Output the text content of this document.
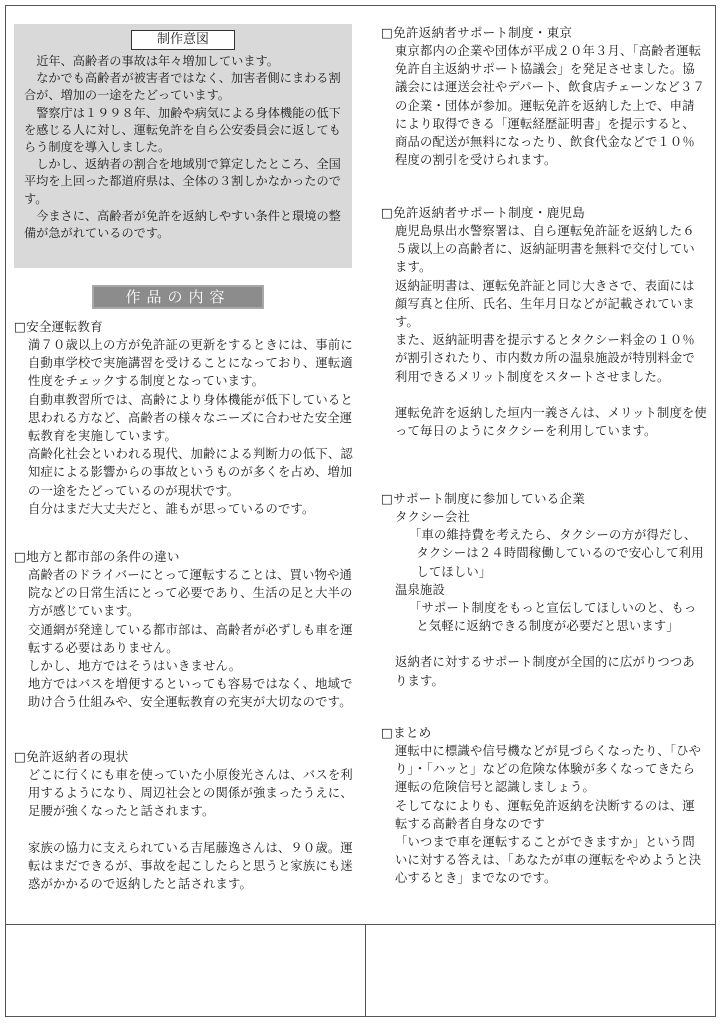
制作意図

近年、高齢者の事故は年々増加しています。

なかでも高齢者が被害者ではなく、加害者側にまわる割合が、増加の一途をたどっています。

警察庁は１９９８年、加齢や病気による身体機能の低下を感じる人に対し、運転免許を自ら公安委員会に返してもらう制度を導入しました。

しかし、返納者の割合を地域別で算定したところ、全国平均を上回った都道府県は、全体の３割しかなかったのです。

今まさに、高齢者が免許を返納しやすい条件と環境の整備が急がれているのです。

作品の内容
□安全運転教育

満７０歳以上の方が免許証の更新をするときには、事前に自動車学校で実施講習を受けることになっており、運転適性度をチェックする制度となっています。

自動車教習所では、高齢により身体機能が低下していると思われる方など、高齢者の様々なニーズに合わせた安全運転教育を実施しています。

高齢化社会といわれる現代、加齢による判断力の低下、認知症による影響からの事故というものが多くを占め、増加の一途をたどっているのが現状です。

自分はまだ大丈夫だと、誰もが思っているのです。

□地方と都市部の条件の違い

高齢者のドライバーにとって運転することは、買い物や通院などの日常生活にとって必要であり、生活の足と大半の方が感じています。

交通網が発達している都市部は、高齢者が必ずしも車を運転する必要はありません。

しかし、地方ではそうはいきません。

地方ではバスを増便するといっても容易ではなく、地域で助け合う仕組みや、安全運転教育の充実が大切なのです。

□免許返納者の現状

どこに行くにも車を使っていた小原俊光さんは、バスを利用するようになり、周辺社会との関係が強まったうえに、足腰が強くなったと話されます。

家族の協力に支えられている吉尾藤逸さんは、９０歳。運転はまだできるが、事故を起こしたらと思うと家族にも迷惑がかかるので返納したと話されます。

□免許返納者サポート制度・東京

東京都内の企業や団体が平成２０年３月、「高齢者運転免許自主返納サポート協議会」を発足させました。協議会には運送会社やデパート、飲食店チェーンなど３７の企業・団体が参加。運転免許を返納した上で、申請により取得できる「運転経歴証明書」を提示すると、商品の配送が無料になったり、飲食代金などで１０％程度の割引を受けられます。

□免許返納者サポート制度・鹿児島

鹿児島県出水警察署は、自ら運転免許証を返納した６５歳以上の高齢者に、返納証明書を無料で交付しています。

返納証明書は、運転免許証と同じ大きさで、表面には顔写真と住所、氏名、生年月日などが記載されています。

また、返納証明書を提示するとタクシー料金の１０％が割引されたり、市内数カ所の温泉施設が特別料金で利用できるメリット制度をスタートさせました。

運転免許を返納した垣内一義さんは、メリット制度を使って毎日のようにタクシーを利用しています。

□サポート制度に参加している企業

タクシー会社

「車の維持費を考えたら、タクシーの方が得だし、タクシーは２４時間稼働しているので安心して利用してほしい」

温泉施設

「サポート制度をもっと宣伝してほしいのと、もっと気軽に返納できる制度が必要だと思います」

返納者に対するサポート制度が全国的に広がりつつあります。

□まとめ

運転中に標識や信号機などが見づらくなったり、「ひやり」・「ハッと」などの危険な体験が多くなってきたら運転の危険信号と認識しましょう。

そしてなによりも、運転免許返納を決断するのは、運転する高齢者自身なのです

「いつまで車を運転することができますか」という問いに対する答えは、「あなたが車の運転をやめようと決心するとき」までなのです。
